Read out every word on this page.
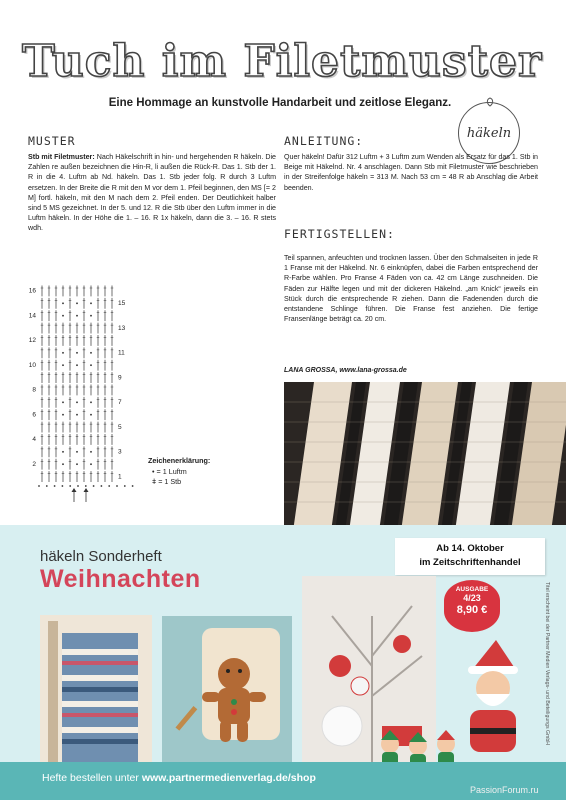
Tuch im Filetmuster
Eine Hommage an kunstvolle Handarbeit und zeitlose Eleganz.
häkeln
MUSTER
Stb mit Filetmuster: Nach Häkelschrift in hin- und hergehenden R häkeln. Die Zahlen re außen bezeichnen die Hin-R, li außen die Rück-R. Das 1. Stb der 1. R in die 4. Luftm ab Nd. häkeln. Das 1. Stb jeder folg. R durch 3 Luftm ersetzen. In der Breite die R mit den M vor dem 1. Pfeil beginnen, den MS [= 2 M] fortl. häkeln, mit den M nach dem 2. Pfeil enden. Der Deutlichkeit halber sind 5 MS gezeichnet. In der 5. und 12. R die Stb über den Luftm immer in die Luftm häkeln. In der Höhe die 1. – 16. R 1x häkeln, dann die 3. – 16. R stets wdh.
ANLEITUNG:
Quer häkeln! Dafür 312 Luftm + 3 Luftm zum Wenden als Ersatz für das 1. Stb in Beige mit Häkelnd. Nr. 4 anschlagen. Dann Stb mit Filetmuster wie beschrieben in der Streifenfolge häkeln = 313 M. Nach 53 cm = 48 R ab Anschlag die Arbeit beenden.
FERTIGSTELLEN:
Teil spannen, anfeuchten und trocknen lassen. Über den Schmalseiten in jede R 1 Franse mit der Häkelnd. Nr. 6 einknüpfen, dabei die Farben entsprechend der R-Farbe wählen. Pro Franse 4 Fäden von ca. 42 cm Länge zuschneiden. Die Fäden zur Hälfte legen und mit der dickeren Häkelnd. „am Knick“ jeweils ein Stück durch die entsprechende R ziehen. Dann die Fadenenden durch die entstandene Schlinge führen. Die Franse fest anziehen. Die fertige Fransenlänge beträgt ca. 20 cm.
LANA GROSSA, www.lana-grossa.de
16
14
12
10
8
6
4
2
15
13
11
9
7
5
3
1
Zeichenerklärung:
• = 1 Luftm
ǂ = 1 Stb
häkeln Sonderheft
Weihnachten
Ab 14. Oktober
im Zeitschriftenhandel
AUSGABE
4/23
8,90 €	Titel erscheint bei der Partner Medien Verlags- und Beteiligungs GmbH
Hefte bestellen unter www.partnermedienverlag.de/shop
PassionForum.ru
